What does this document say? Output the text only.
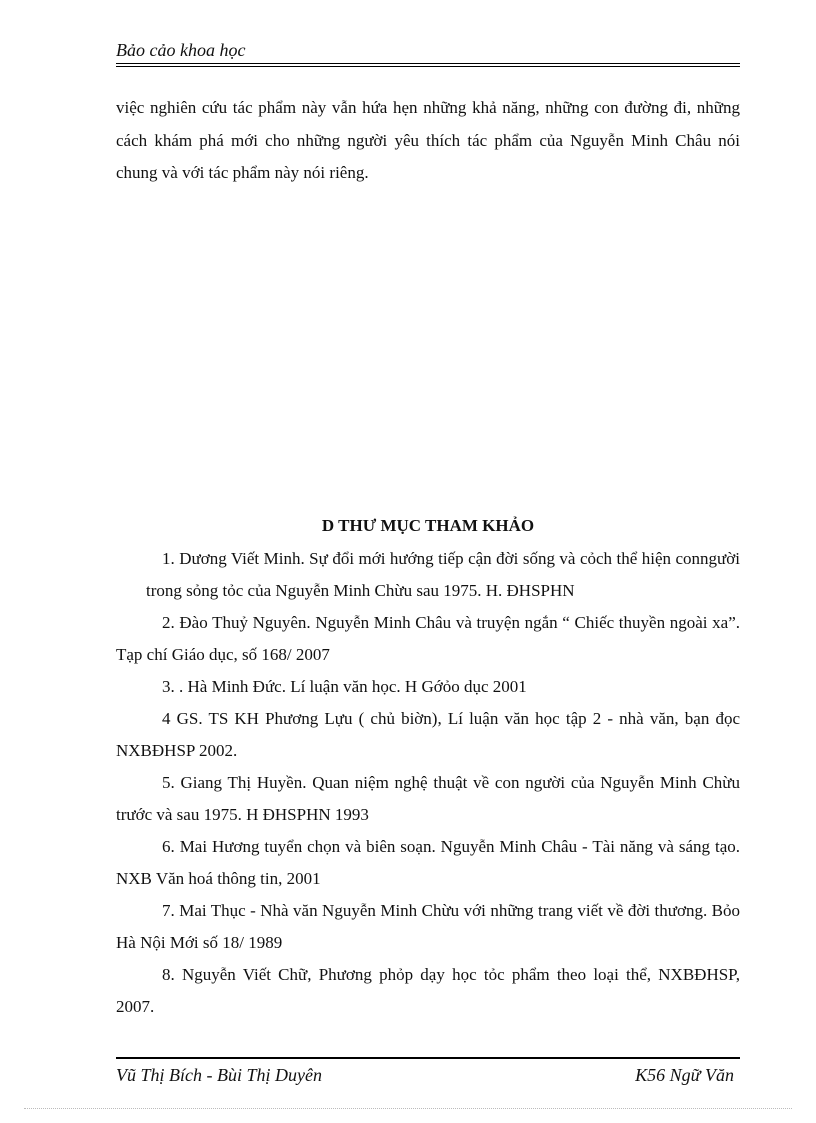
Bảo cảo khoa học

việc nghiên cứu tác phẩm này vẫn hứa hẹn những khả năng, những con đường đi, những cách khám phá mới cho những người yêu thích tác phẩm của Nguyễn Minh Châu nói chung và với tác phẩm này nói riêng.

D THƯ MỤC THAM KHẢO

1. Dương Viết Minh. Sự đổi mới hướng tiếp cận đời sống và cỏch thể hiện conngười trong sỏng tỏc của Nguyễn Minh Chừu sau 1975. H. ĐHSPHN

2. Đào Thuỷ Nguyên. Nguyễn Minh Châu và truyện ngắn “ Chiếc thuyền ngoài xa”. Tạp chí Giáo dục, số 168/ 2007

3. . Hà Minh Đức. Lí luận văn học. H Gớỏo dục 2001

4 GS. TS KH Phương Lựu ( chủ biờn), Lí luận văn học tập 2 - nhà văn, bạn đọc NXBĐHSP 2002.

5. Giang Thị Huyền. Quan niệm nghệ thuật về con người của Nguyễn Minh Chừu trước và sau 1975. H ĐHSPHN 1993

6. Mai Hương tuyển chọn và biên soạn. Nguyễn Minh Châu - Tài năng và sáng tạo. NXB Văn hoá thông tin, 2001

7. Mai Thục - Nhà văn Nguyễn Minh Chừu với những trang viết về đời thương. Bỏo Hà Nội Mới số 18/ 1989

8. Nguyễn Viết Chữ, Phương phỏp dạy học tỏc phẩm theo loại thể, NXBĐHSP, 2007.

Vũ Thị Bích - Bùi Thị Duyên	K56 Ngữ Văn
